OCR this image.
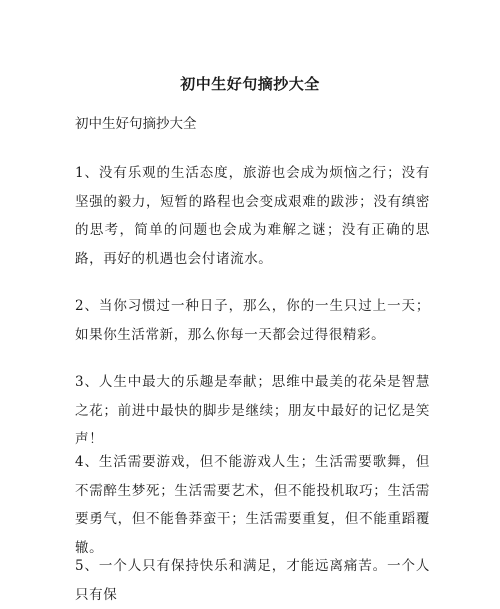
初中生好句摘抄大全
初中生好句摘抄大全
1、没有乐观的生活态度，旅游也会成为烦恼之行；没有坚强的毅力，短暂的路程也会变成艰难的跋涉；没有缜密的思考，简单的问题也会成为难解之谜；没有正确的思路，再好的机遇也会付诸流水。
2、当你习惯过一种日子，那么，你的一生只过上一天；如果你生活常新，那么你每一天都会过得很精彩。
3、人生中最大的乐趣是奉献；思维中最美的花朵是智慧之花；前进中最快的脚步是继续；朋友中最好的记忆是笑声！
4、生活需要游戏，但不能游戏人生；生活需要歌舞，但不需醉生梦死；生活需要艺术，但不能投机取巧；生活需要勇气，但不能鲁莽蛮干；生活需要重复，但不能重蹈覆辙。
5、一个人只有保持快乐和满足，才能远离痛苦。一个人只有保
